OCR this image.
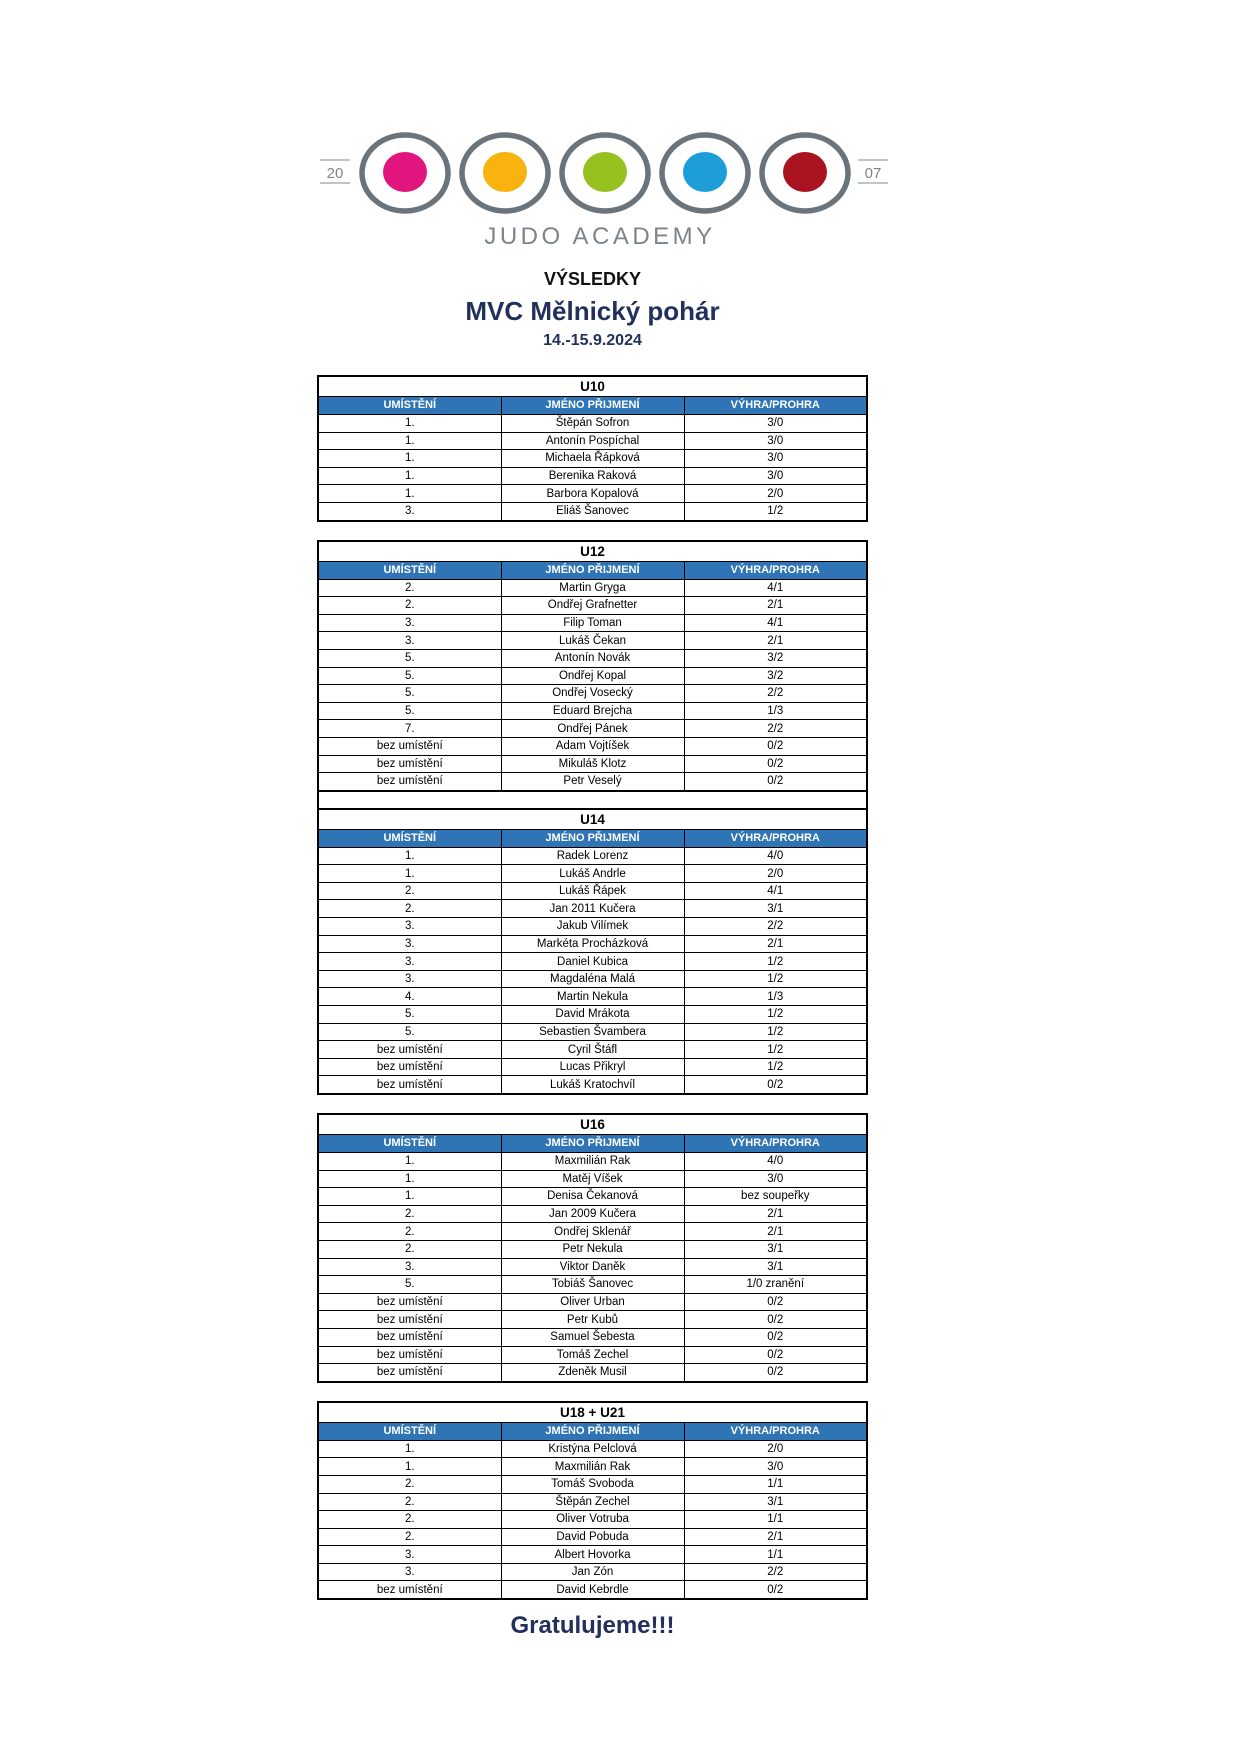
20	07
JUDO ACADEMY
VÝSLEDKY
MVC Mělnický pohár
14.-15.9.2024
U10		
UMÍSTĚNÍ	JMÉNO PŘIJMENÍ	VÝHRA/PROHRA
1.	Štěpán Sofron	3/0
1.	Antonín Pospíchal	3/0
1.	Michaela Řápková	3/0
1.	Berenika Raková	3/0
1.	Barbora Kopalová	2/0
3.	Eliáš Šanovec	1/2
U12		
UMÍSTĚNÍ	JMÉNO PŘIJMENÍ	VÝHRA/PROHRA
2.	Martin Gryga	4/1
2.	Ondřej Grafnetter	2/1
3.	Filip Toman	4/1
3.	Lukáš Čekan	2/1
5.	Antonín Novák	3/2
5.	Ondřej Kopal	3/2
5.	Ondřej Vosecký	2/2
5.	Eduard Brejcha	1/3
7.	Ondřej Pánek	2/2
bez umístění	Adam Vojtíšek	0/2
bez umístění	Mikuláš Klotz	0/2
bez umístění	Petr Veselý	0/2
U14		
UMÍSTĚNÍ	JMÉNO PŘIJMENÍ	VÝHRA/PROHRA
1.	Radek Lorenz	4/0
1.	Lukáš Andrle	2/0
2.	Lukáš Řápek	4/1
2.	Jan 2011 Kučera	3/1
3.	Jakub Vilímek	2/2
3.	Markéta Procházková	2/1
3.	Daniel Kubica	1/2
3.	Magdaléna Malá	1/2
4.	Martin Nekula	1/3
5.	David Mrákota	1/2
5.	Sebastien Švambera	1/2
bez umístění	Cyril Štáfl	1/2
bez umístění	Lucas Přikryl	1/2
bez umístění	Lukáš Kratochvíl	0/2
U16		
UMÍSTĚNÍ	JMÉNO PŘIJMENÍ	VÝHRA/PROHRA
1.	Maxmilián Rak	4/0
1.	Matěj Víšek	3/0
1.	Denisa Čekanová	bez soupeřky
2.	Jan 2009 Kučera	2/1
2.	Ondřej Sklenář	2/1
2.	Petr Nekula	3/1
3.	Viktor Daněk	3/1
5.	Tobiáš Šanovec	1/0 zranění
bez umístění	Oliver Urban	0/2
bez umístění	Petr Kubů	0/2
bez umístění	Samuel Šebesta	0/2
bez umístění	Tomáš Zechel	0/2
bez umístění	Zdeněk Musil	0/2
U18 + U21		
UMÍSTĚNÍ	JMÉNO PŘIJMENÍ	VÝHRA/PROHRA
1.	Kristýna Pelclová	2/0
1.	Maxmilián Rak	3/0
2.	Tomáš Svoboda	1/1
2.	Štěpán Zechel	3/1
2.	Oliver Votruba	1/1
2.	David Pobuda	2/1
3.	Albert Hovorka	1/1
3.	Jan Zón	2/2
bez umístění	David Kebrdle	0/2
Gratulujeme!!!
